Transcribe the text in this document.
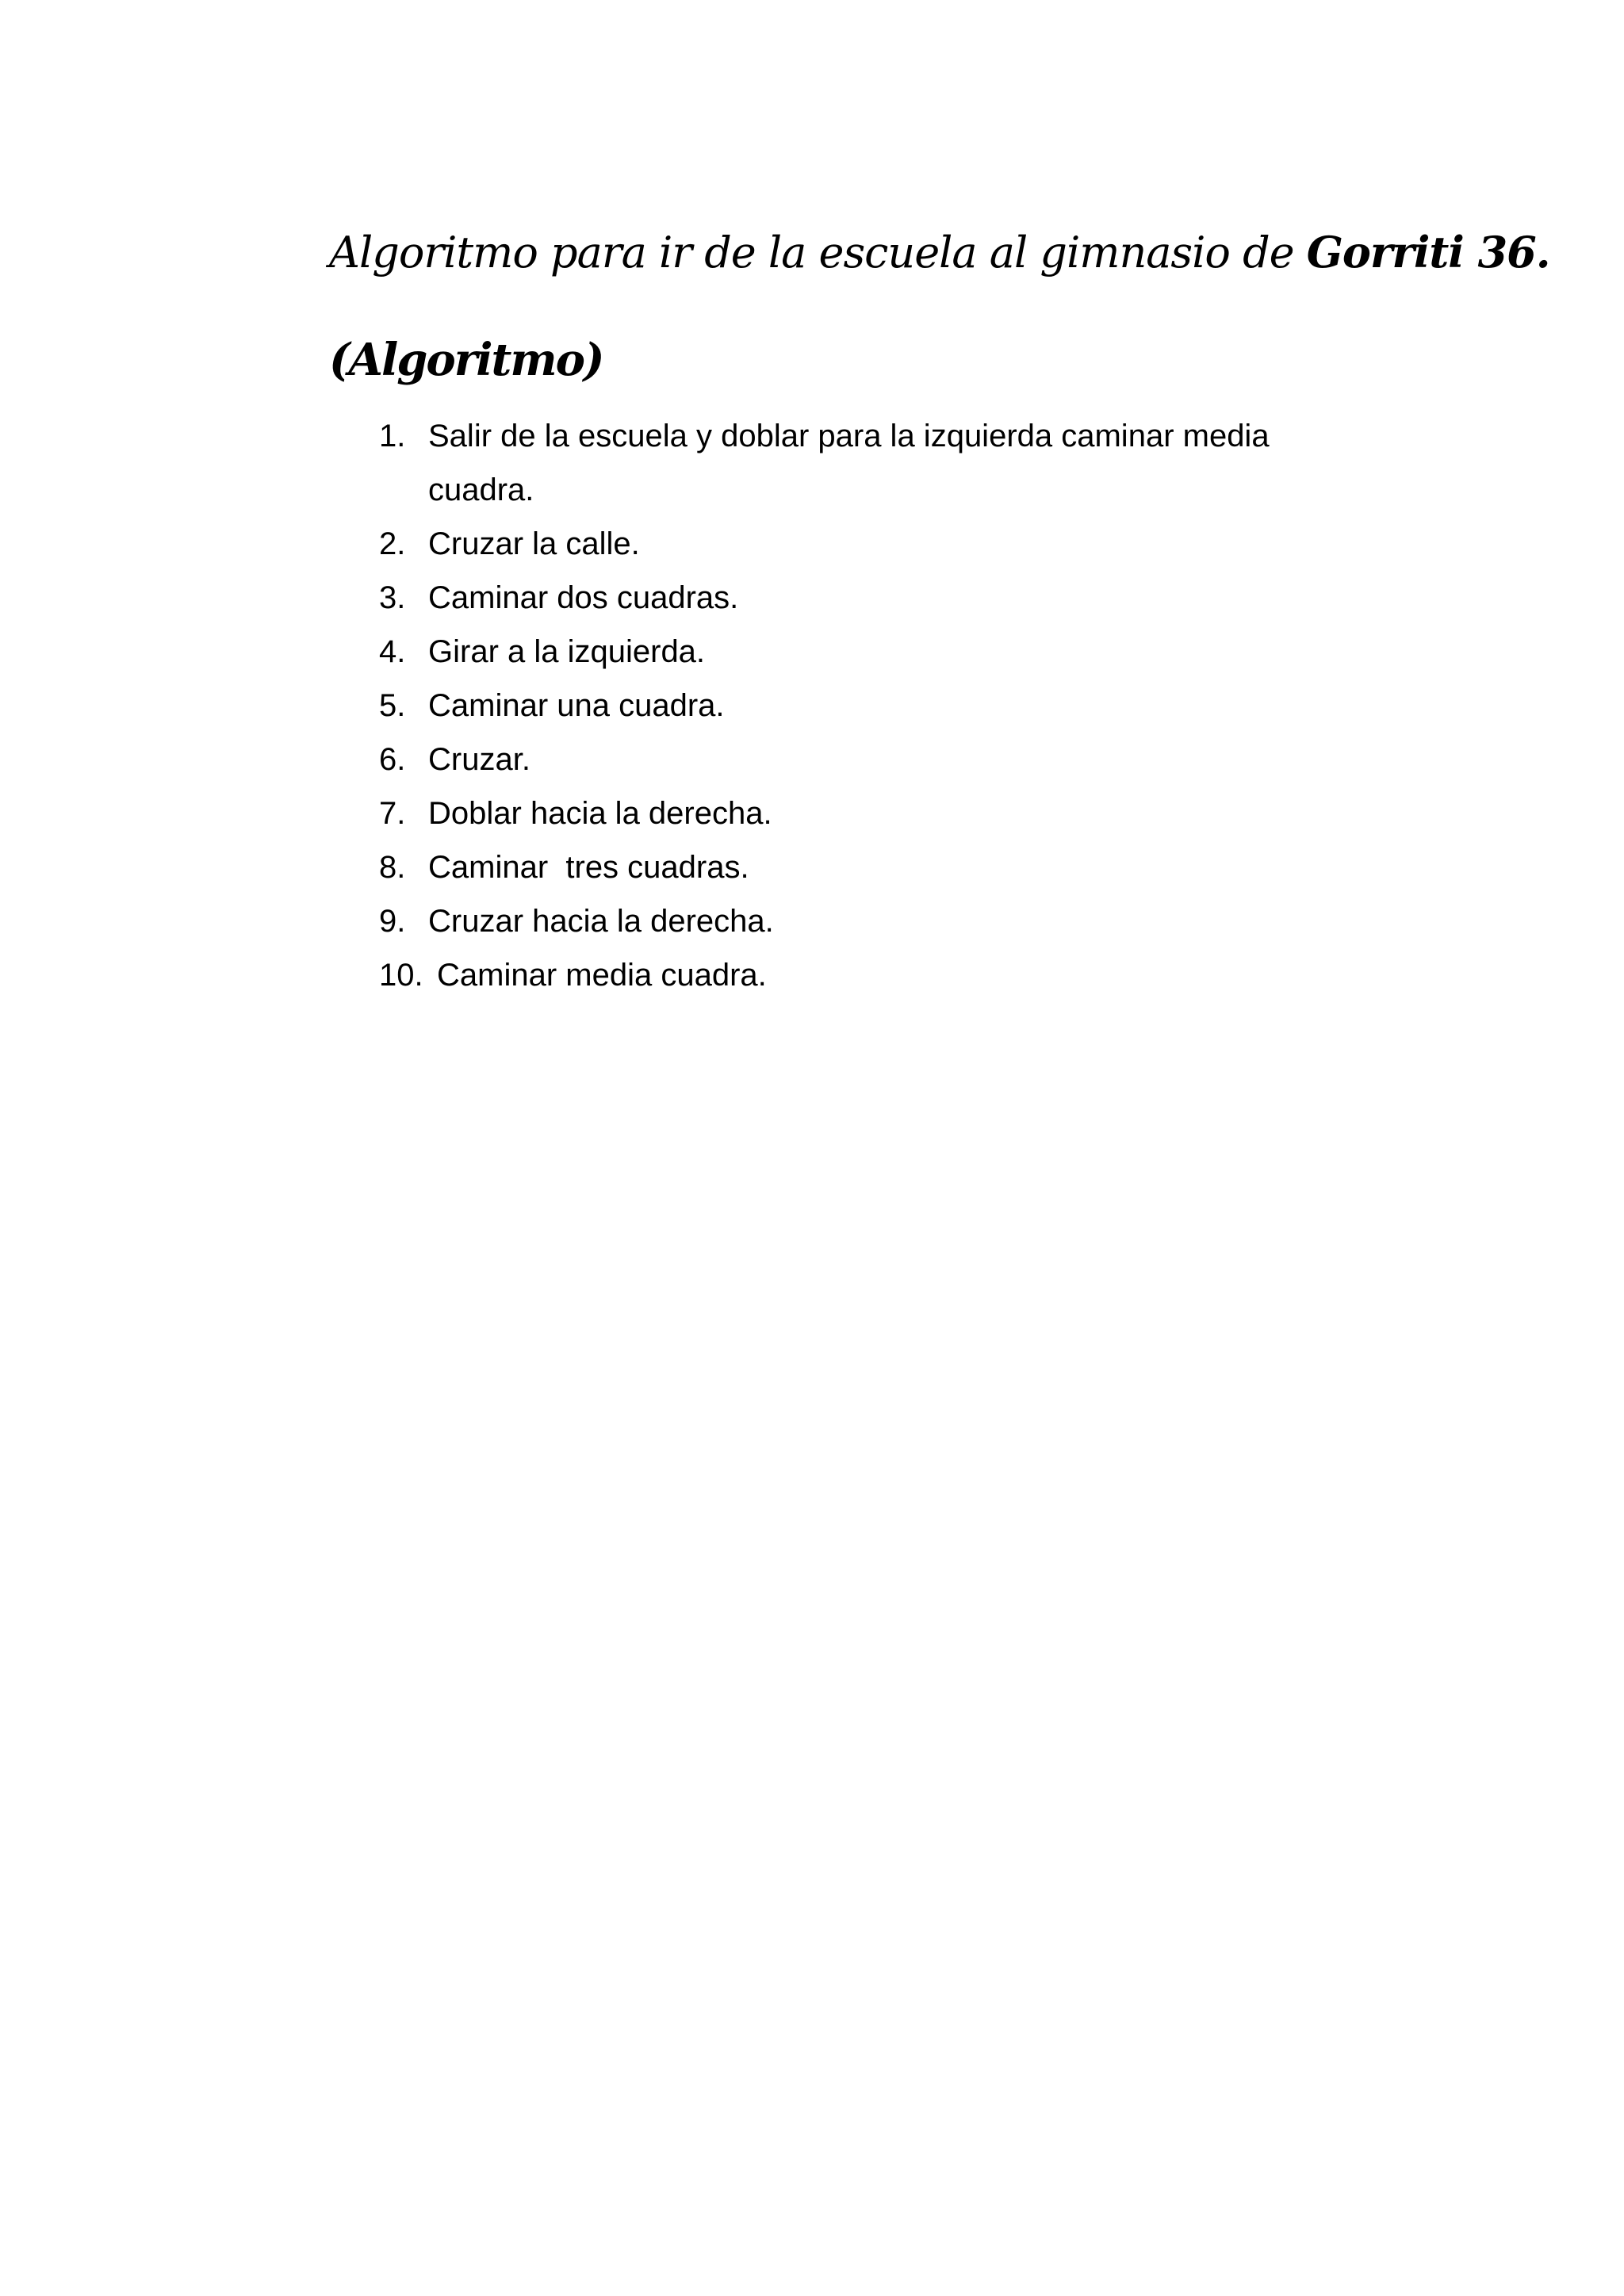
Algoritmo para ir de la escuela al gimnasio de Gorriti 36.
(Algoritmo)
1. Salir de la escuela y doblar para la izquierda caminar media cuadra.
2. Cruzar la calle.
3. Caminar dos cuadras.
4. Girar a la izquierda.
5. Caminar una cuadra.
6. Cruzar.
7. Doblar hacia la derecha.
8. Caminar  tres cuadras.
9. Cruzar hacia la derecha.
10. Caminar media cuadra.
